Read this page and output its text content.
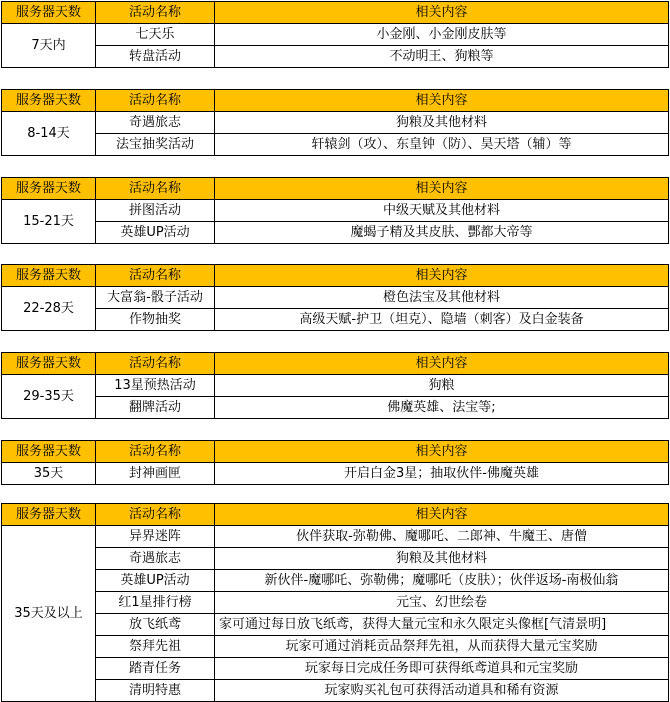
服务器天数	活动名称	相关内容
7天内	七天乐	小金刚、小金刚皮肤等
	转盘活动	不动明王、狗粮等
服务器天数	活动名称	相关内容
8-14天	奇遇旅志	狗粮及其他材料
	法宝抽奖活动	轩辕剑（攻）、东皇钟（防）、昊天塔（辅）等
服务器天数	活动名称	相关内容
15-21天	拼图活动	中级天赋及其他材料
	英雄UP活动	魔蝎子精及其皮肤、酆都大帝等
服务器天数	活动名称	相关内容
22-28天	大富翁-骰子活动	橙色法宝及其他材料
	作物抽奖	高级天赋-护卫（坦克）、隐墙（刺客）及白金装备
服务器天数	活动名称	相关内容
29-35天	13星预热活动	狗粮
	翻牌活动	佛魔英雄、法宝等;
服务器天数	活动名称	相关内容
35天	封神画匣	开启白金3星；抽取伙伴-佛魔英雄
服务器天数	活动名称	相关内容
35天及以上	异界迷阵	伙伴获取-弥勒佛、魔哪吒、二郎神、牛魔王、唐僧
	奇遇旅志	狗粮及其他材料
	英雄UP活动	新伙伴-魔哪吒、弥勒佛；魔哪吒（皮肤）；伙伴返场-南极仙翁
	红1星排行榜	元宝、幻世绘卷
	放飞纸鸢	家可通过每日放飞纸鸢，获得大量元宝和永久限定头像框[气清景明]
	祭拜先祖	玩家可通过消耗贡品祭拜先祖，从而获得大量元宝奖励
	踏青任务	玩家每日完成任务即可获得纸鸢道具和元宝奖励
	清明特惠	玩家购买礼包可获得活动道具和稀有资源
